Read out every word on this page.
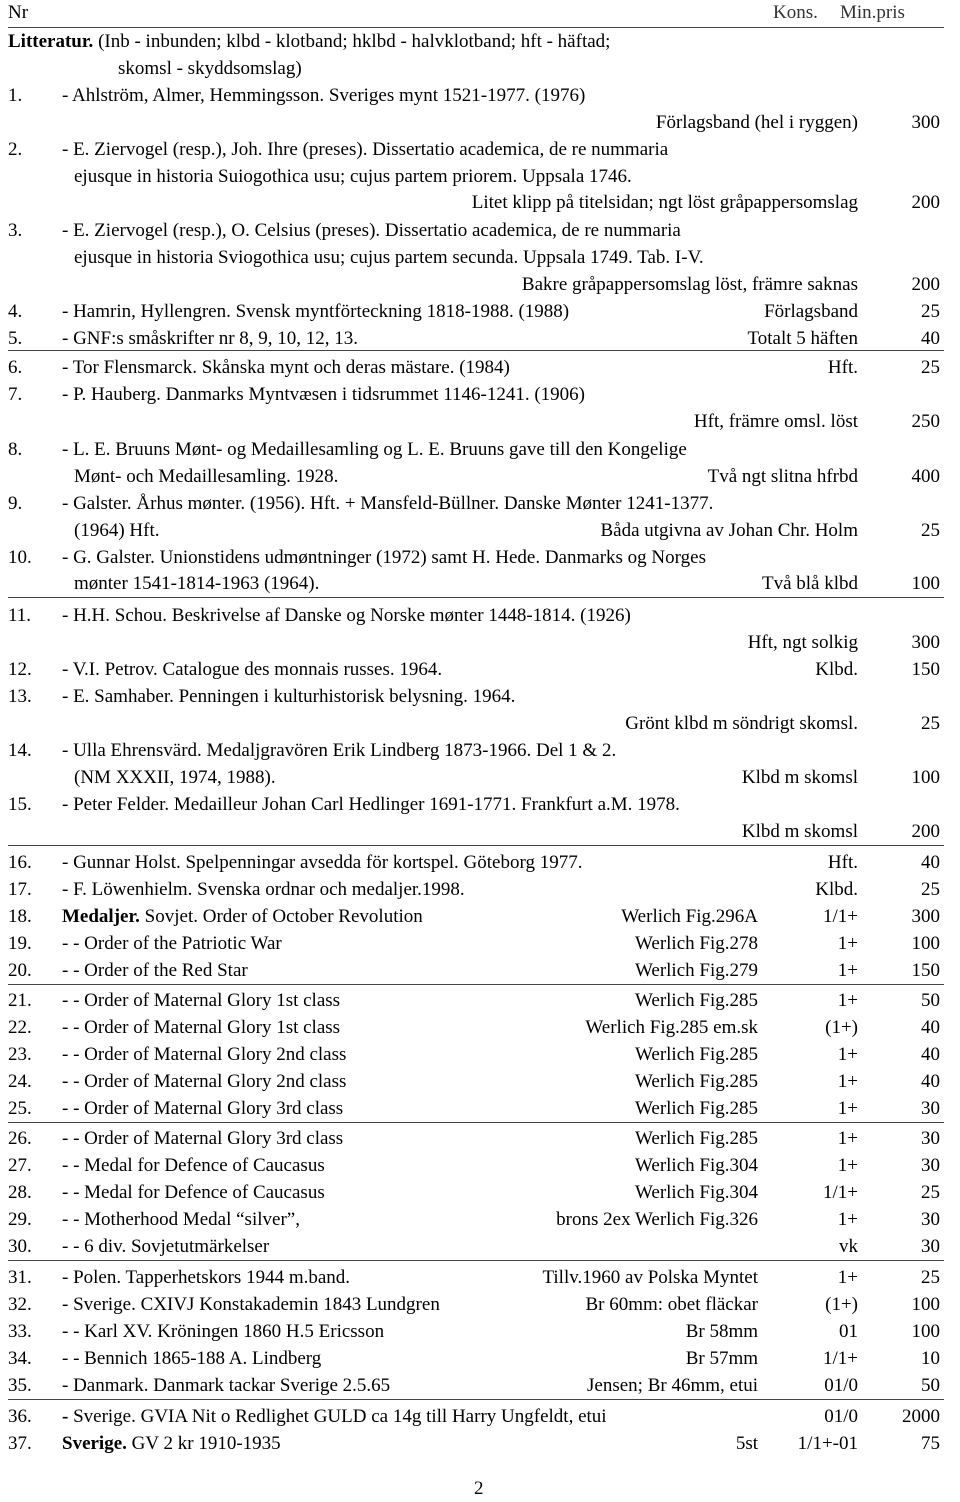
Nr	Kons. Min.pris
Litteratur. (Inb - inbunden; klbd - klotband; hklbd - halvklotband; hft - häftad;
skomsl - skyddsomslag)
1. - Ahlström, Almer, Hemmingsson. Sveriges mynt 1521-1977. (1976)
Förlagsband (hel i ryggen)	300
2. - E. Ziervogel (resp.), Joh. Ihre (preses). Dissertatio academica, de re nummaria
ejusque in historia Suiogothica usu; cujus partem priorem. Uppsala 1746.
Litet klipp på titelsidan; ngt löst gråpappersomslag	200
3. - E. Ziervogel (resp.), O. Celsius (preses). Dissertatio academica, de re nummaria
ejusque in historia Sviogothica usu; cujus partem secunda. Uppsala 1749. Tab. I-V.
Bakre gråpappersomslag löst, främre saknas	200
4. - Hamrin, Hyllengren. Svensk myntförteckning 1818-1988. (1988)	Förlagsband	25
5. - GNF:s småskrifter nr 8, 9, 10, 12, 13.	Totalt 5 häften	40
6. - Tor Flensmarck. Skånska mynt och deras mästare. (1984)	Hft.	25
7. - P. Hauberg. Danmarks Myntvæsen i tidsrummet 1146-1241. (1906)
Hft, främre omsl. löst	250
8. - L. E. Bruuns Mønt- og Medaillesamling og L. E. Bruuns gave till den Kongelige
Mønt- och Medaillesamling. 1928.	Två ngt slitna hfrbd	400
9. - Galster. Århus mønter. (1956). Hft. + Mansfeld-Büllner. Danske Mønter 1241-1377.
(1964) Hft.	Båda utgivna av Johan Chr. Holm	25
10. - G. Galster. Unionstidens udmøntninger (1972) samt H. Hede. Danmarks og Norges
mønter 1541-1814-1963 (1964).	Två blå klbd	100
11. - H.H. Schou. Beskrivelse af Danske og Norske mønter 1448-1814. (1926)
Hft, ngt solkig	300
12. - V.I. Petrov. Catalogue des monnais russes. 1964.	Klbd.	150
13. - E. Samhaber. Penningen i kulturhistorisk belysning. 1964.
Grönt klbd m söndrigt skomsl.	25
14. - Ulla Ehrensvärd. Medaljgravören Erik Lindberg 1873-1966. Del 1 & 2.
(NM XXXII, 1974, 1988).	Klbd m skomsl	100
15. - Peter Felder. Medailleur Johan Carl Hedlinger 1691-1771. Frankfurt a.M. 1978.
Klbd m skomsl	200
16. - Gunnar Holst. Spelpenningar avsedda för kortspel. Göteborg 1977.	Hft.	40
17. - F. Löwenhielm. Svenska ordnar och medaljer.1998.	Klbd.	25
18. Medaljer. Sovjet. Order of October Revolution	Werlich Fig.296A	1/1+	300
19. - - Order of the Patriotic War	Werlich Fig.278	1+	100
20. - - Order of the Red Star	Werlich Fig.279	1+	150
21. - - Order of Maternal Glory 1st class	Werlich Fig.285	1+	50
22. - - Order of Maternal Glory 1st class	Werlich Fig.285 em.sk	(1+)	40
23. - - Order of Maternal Glory 2nd class	Werlich Fig.285	1+	40
24. - - Order of Maternal Glory 2nd class	Werlich Fig.285	1+	40
25. - - Order of Maternal Glory 3rd class	Werlich Fig.285	1+	30
26. - - Order of Maternal Glory 3rd class	Werlich Fig.285	1+	30
27. - - Medal for Defence of Caucasus	Werlich Fig.304	1+	30
28. - - Medal for Defence of Caucasus	Werlich Fig.304	1/1+	25
29. - - Motherhood Medal “silver”,	brons 2ex Werlich Fig.326	1+	30
30. - - 6 div. Sovjetutmärkelser	vk	30
31. - Polen. Tapperhetskors 1944 m.band.	Tillv.1960 av Polska Myntet	1+	25
32. - Sverige. CXIVJ Konstakademin 1843 Lundgren	Br 60mm: obet fläckar	(1+)	100
33. - - Karl XV. Kröningen 1860 H.5 Ericsson	Br 58mm	01	100
34. - - Bennich 1865-188 A. Lindberg	Br 57mm	1/1+	10
35. - Danmark. Danmark tackar Sverige 2.5.65	Jensen; Br 46mm, etui	01/0	50
36. - Sverige. GVIA Nit o Redlighet GULD ca 14g till Harry Ungfeldt, etui	01/0 2000
37. Sverige. GV 2 kr 1910-1935	5st 1/1+-01	75
2
